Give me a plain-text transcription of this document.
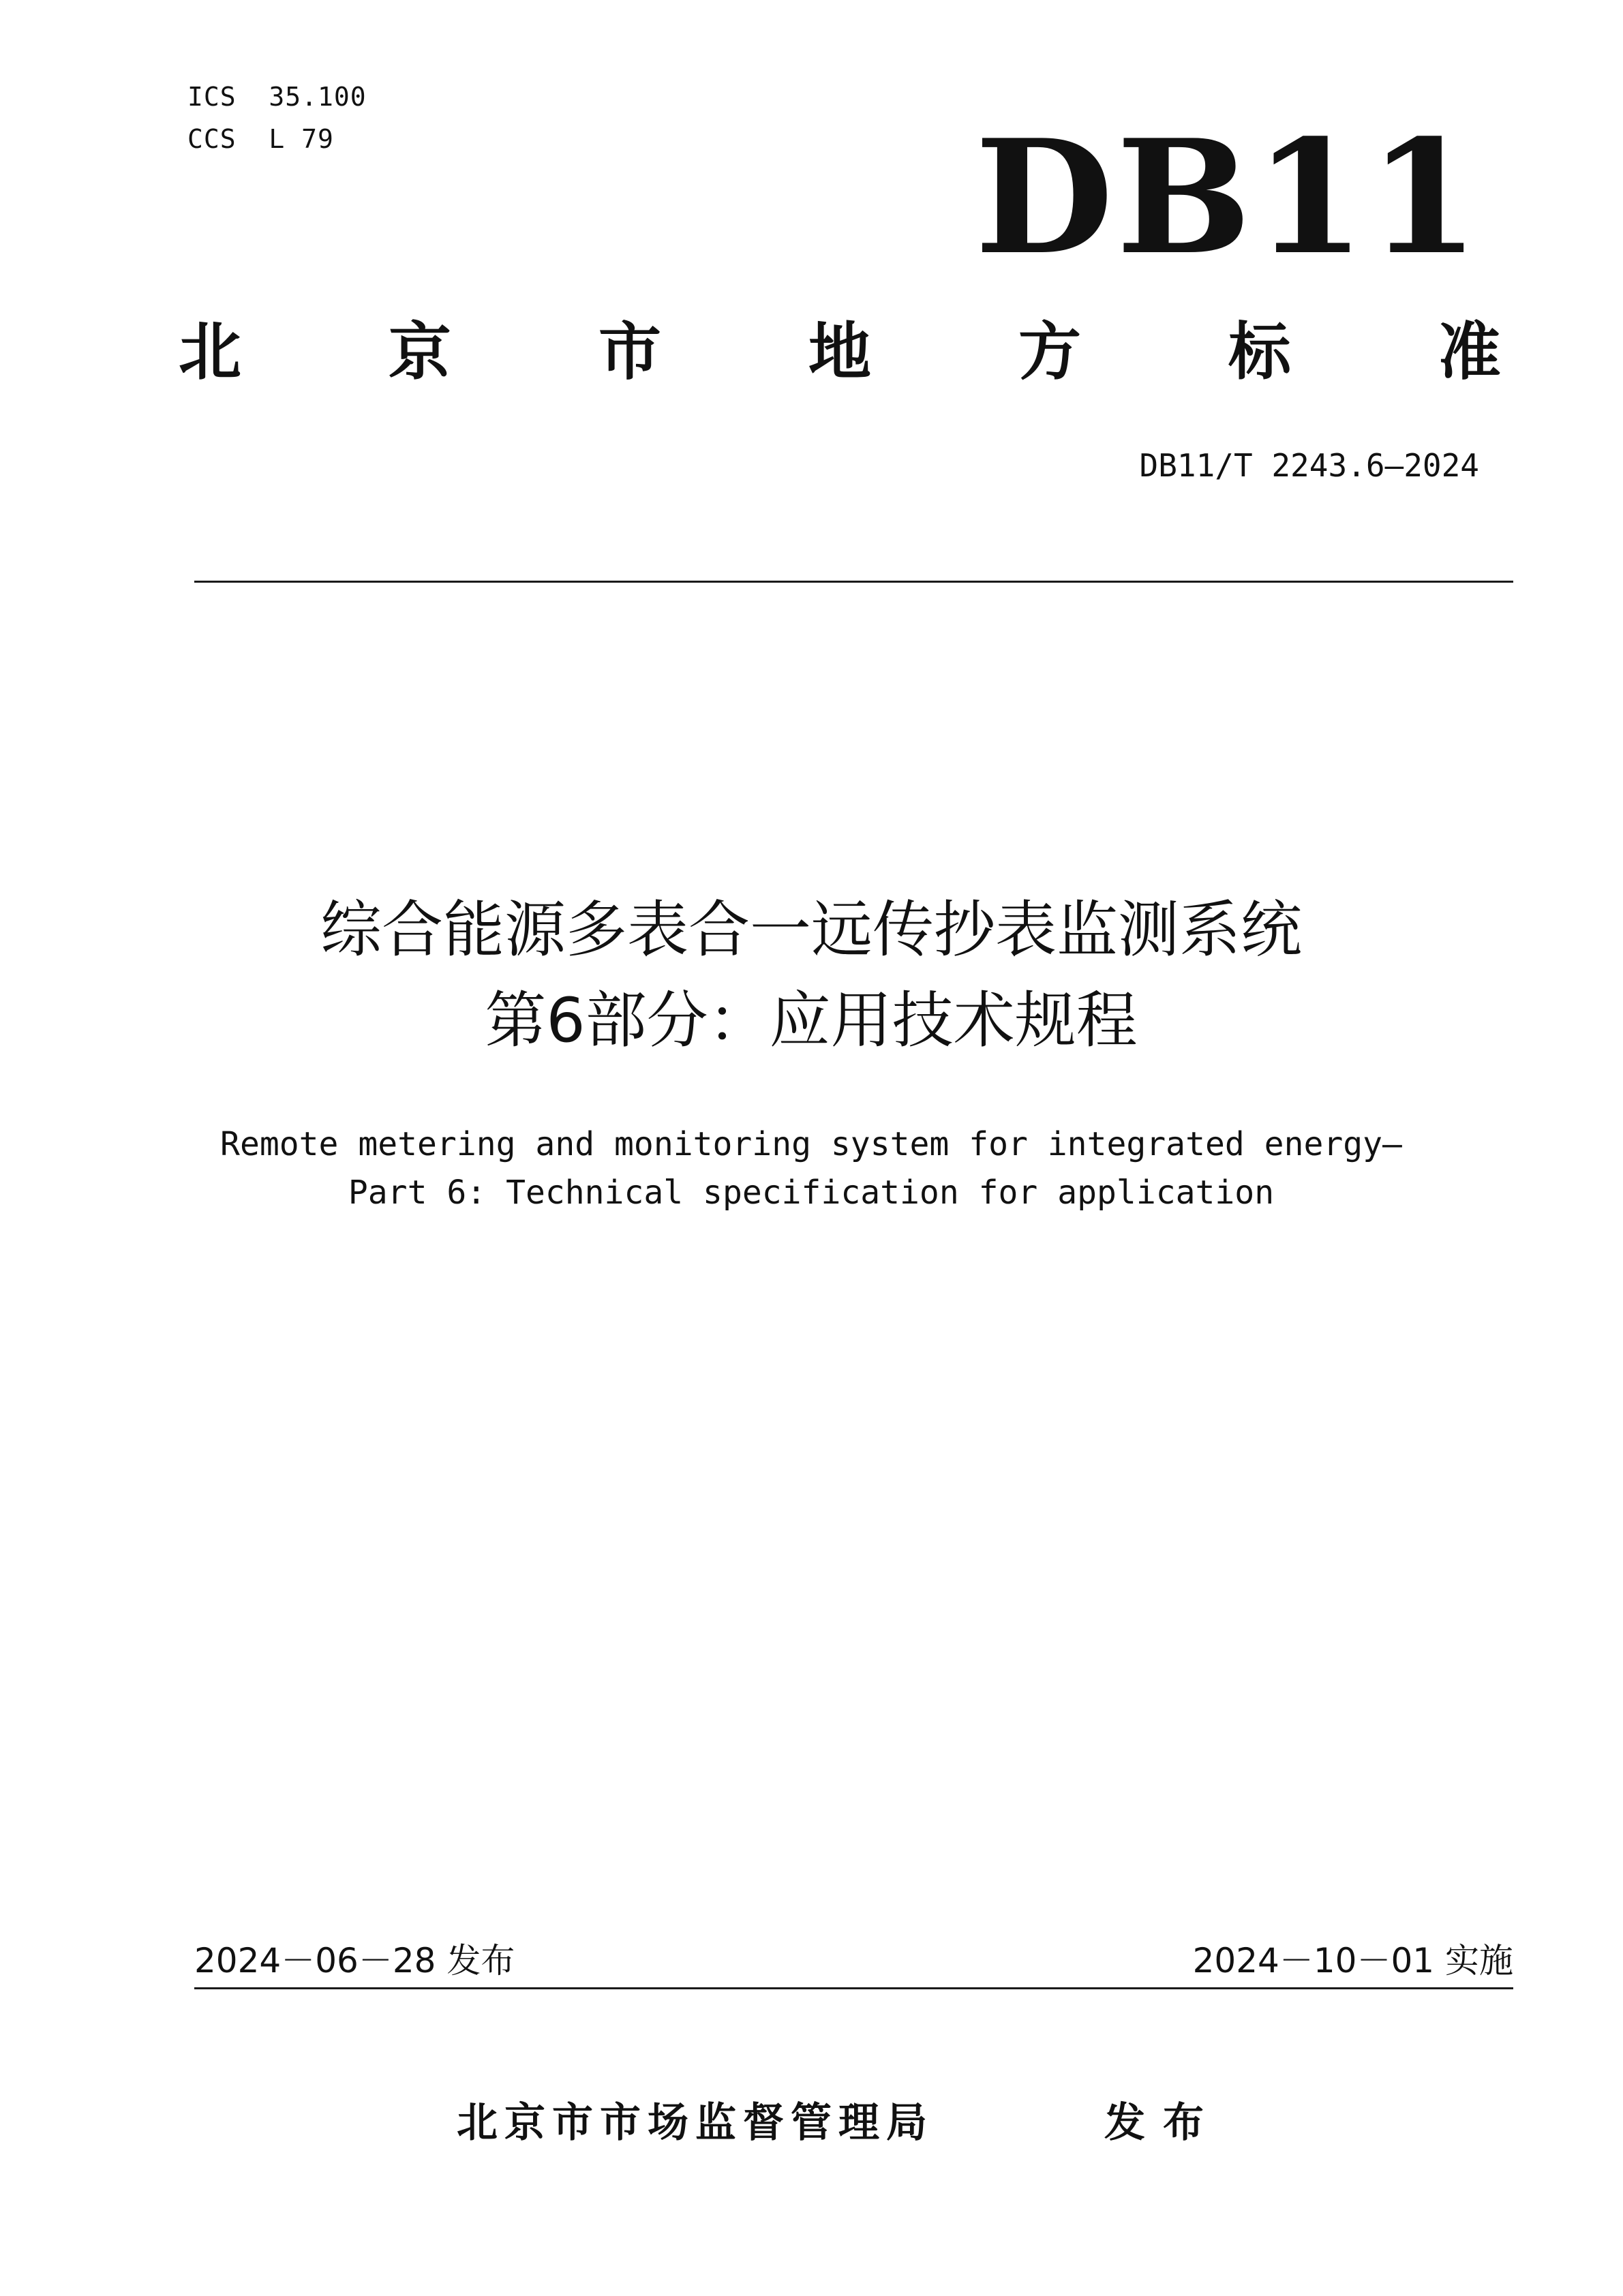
ICS  35.100
CCS  L 79	DB11
北 京 市 地 方 标 准
DB11/T 2243.6—2024
综合能源多表合一远传抄表监测系统
第6部分：应用技术规程
Remote metering and monitoring system for integrated energy—
Part 6: Technical specification for application
2024－06－28 发布	2024－10－01 实施
北京市市场监督管理局	发布
